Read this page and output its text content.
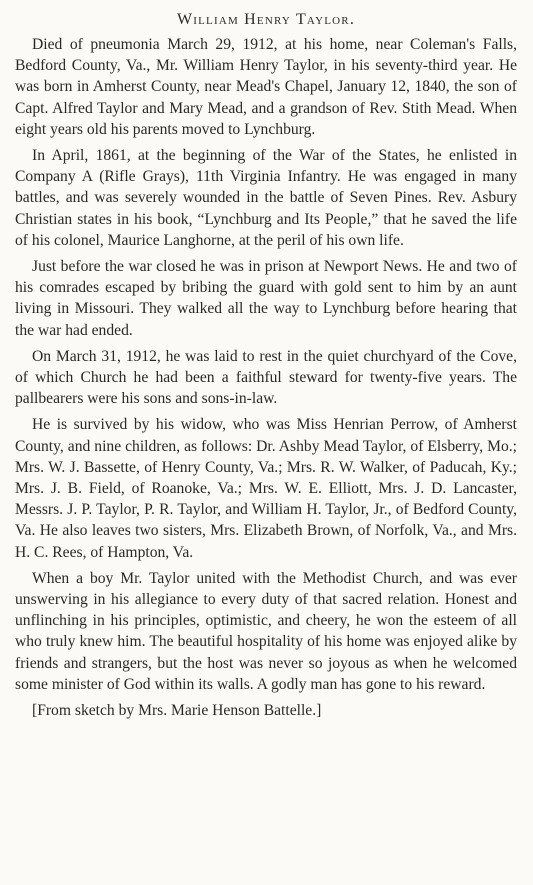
William Henry Taylor.

Died of pneumonia March 29, 1912, at his home, near Coleman's Falls, Bedford County, Va., Mr. William Henry Taylor, in his seventy-third year. He was born in Amherst County, near Mead's Chapel, January 12, 1840, the son of Capt. Alfred Taylor and Mary Mead, and a grandson of Rev. Stith Mead. When eight years old his parents moved to Lynchburg.

In April, 1861, at the beginning of the War of the States, he enlisted in Company A (Rifle Grays), 11th Virginia Infantry. He was engaged in many battles, and was severely wounded in the battle of Seven Pines. Rev. Asbury Christian states in his book, “Lynchburg and Its People,” that he saved the life of his colonel, Maurice Langhorne, at the peril of his own life.

Just before the war closed he was in prison at Newport News. He and two of his comrades escaped by bribing the guard with gold sent to him by an aunt living in Missouri. They walked all the way to Lynchburg before hearing that the war had ended.

On March 31, 1912, he was laid to rest in the quiet churchyard of the Cove, of which Church he had been a faithful steward for twenty-five years. The pallbearers were his sons and sons-in-law.

He is survived by his widow, who was Miss Henrian Perrow, of Amherst County, and nine children, as follows: Dr. Ashby Mead Taylor, of Elsberry, Mo.; Mrs. W. J. Bassette, of Henry County, Va.; Mrs. R. W. Walker, of Paducah, Ky.; Mrs. J. B. Field, of Roanoke, Va.; Mrs. W. E. Elliott, Mrs. J. D. Lancaster, Messrs. J. P. Taylor, P. R. Taylor, and William H. Taylor, Jr., of Bedford County, Va. He also leaves two sisters, Mrs. Elizabeth Brown, of Norfolk, Va., and Mrs. H. C. Rees, of Hampton, Va.

When a boy Mr. Taylor united with the Methodist Church, and was ever unswerving in his allegiance to every duty of that sacred relation. Honest and unflinching in his principles, optimistic, and cheery, he won the esteem of all who truly knew him. The beautiful hospitality of his home was enjoyed alike by friends and strangers, but the host was never so joyous as when he welcomed some minister of God within its walls. A godly man has gone to his reward.

[From sketch by Mrs. Marie Henson Battelle.]
